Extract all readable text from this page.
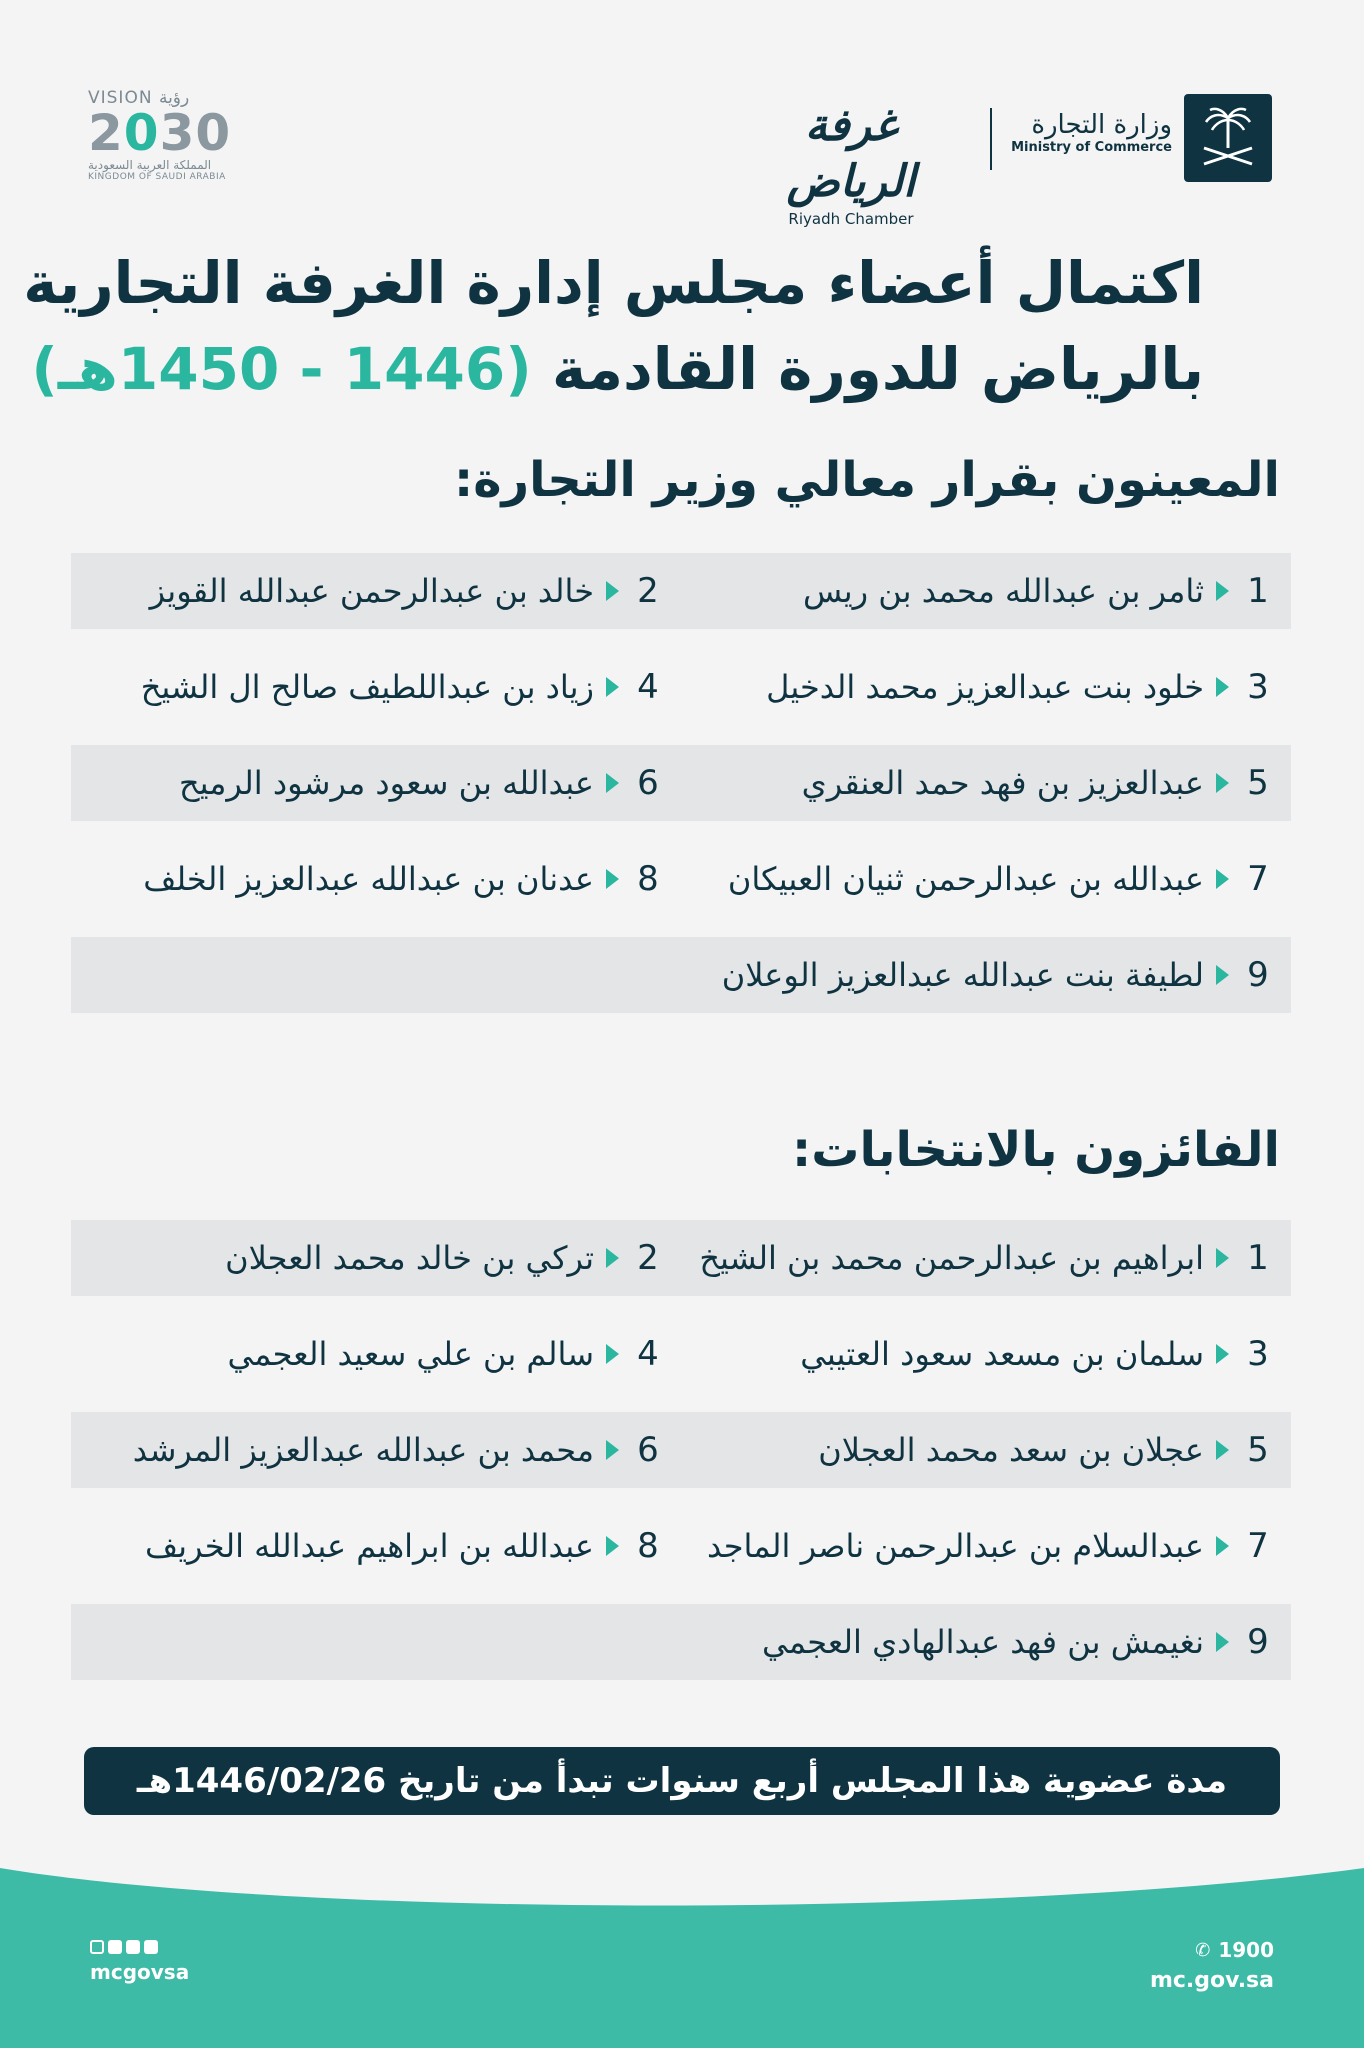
وزارة التجارة
Ministry of Commerce
غرفة الرياض
Riyadh Chamber
VISION رؤية
2030
المملكة العربية السعودية
KINGDOM OF SAUDI ARABIA
اكتمال أعضاء مجلس إدارة الغرفة التجارية
بالرياض للدورة القادمة (1446 - 1450هـ)
المعينون بقرار معالي وزير التجارة:
1
ثامر بن عبدالله محمد بن ريس
2
خالد بن عبدالرحمن عبدالله القويز
3
خلود بنت عبدالعزيز محمد الدخيل
4
زياد بن عبداللطيف صالح ال الشيخ
5
عبدالعزيز بن فهد حمد العنقري
6
عبدالله بن سعود مرشود الرميح
7
عبدالله بن عبدالرحمن ثنيان العبيكان
8
عدنان بن عبدالله عبدالعزيز الخلف
9
لطيفة بنت عبدالله عبدالعزيز الوعلان
الفائزون بالانتخابات:
1
ابراهيم بن عبدالرحمن محمد بن الشيخ
2
تركي بن خالد محمد العجلان
3
سلمان بن مسعد سعود العتيبي
4
سالم بن علي سعيد العجمي
5
عجلان بن سعد محمد العجلان
6
محمد بن عبدالله عبدالعزيز المرشد
7
عبدالسلام بن عبدالرحمن ناصر الماجد
8
عبدالله بن ابراهيم عبدالله الخريف
9
نغيمش بن فهد عبدالهادي العجمي
مدة عضوية هذا المجلس أربع سنوات تبدأ من تاريخ 1446/02/26هـ
mcgovsa
✆ 1900
mc.gov.sa
